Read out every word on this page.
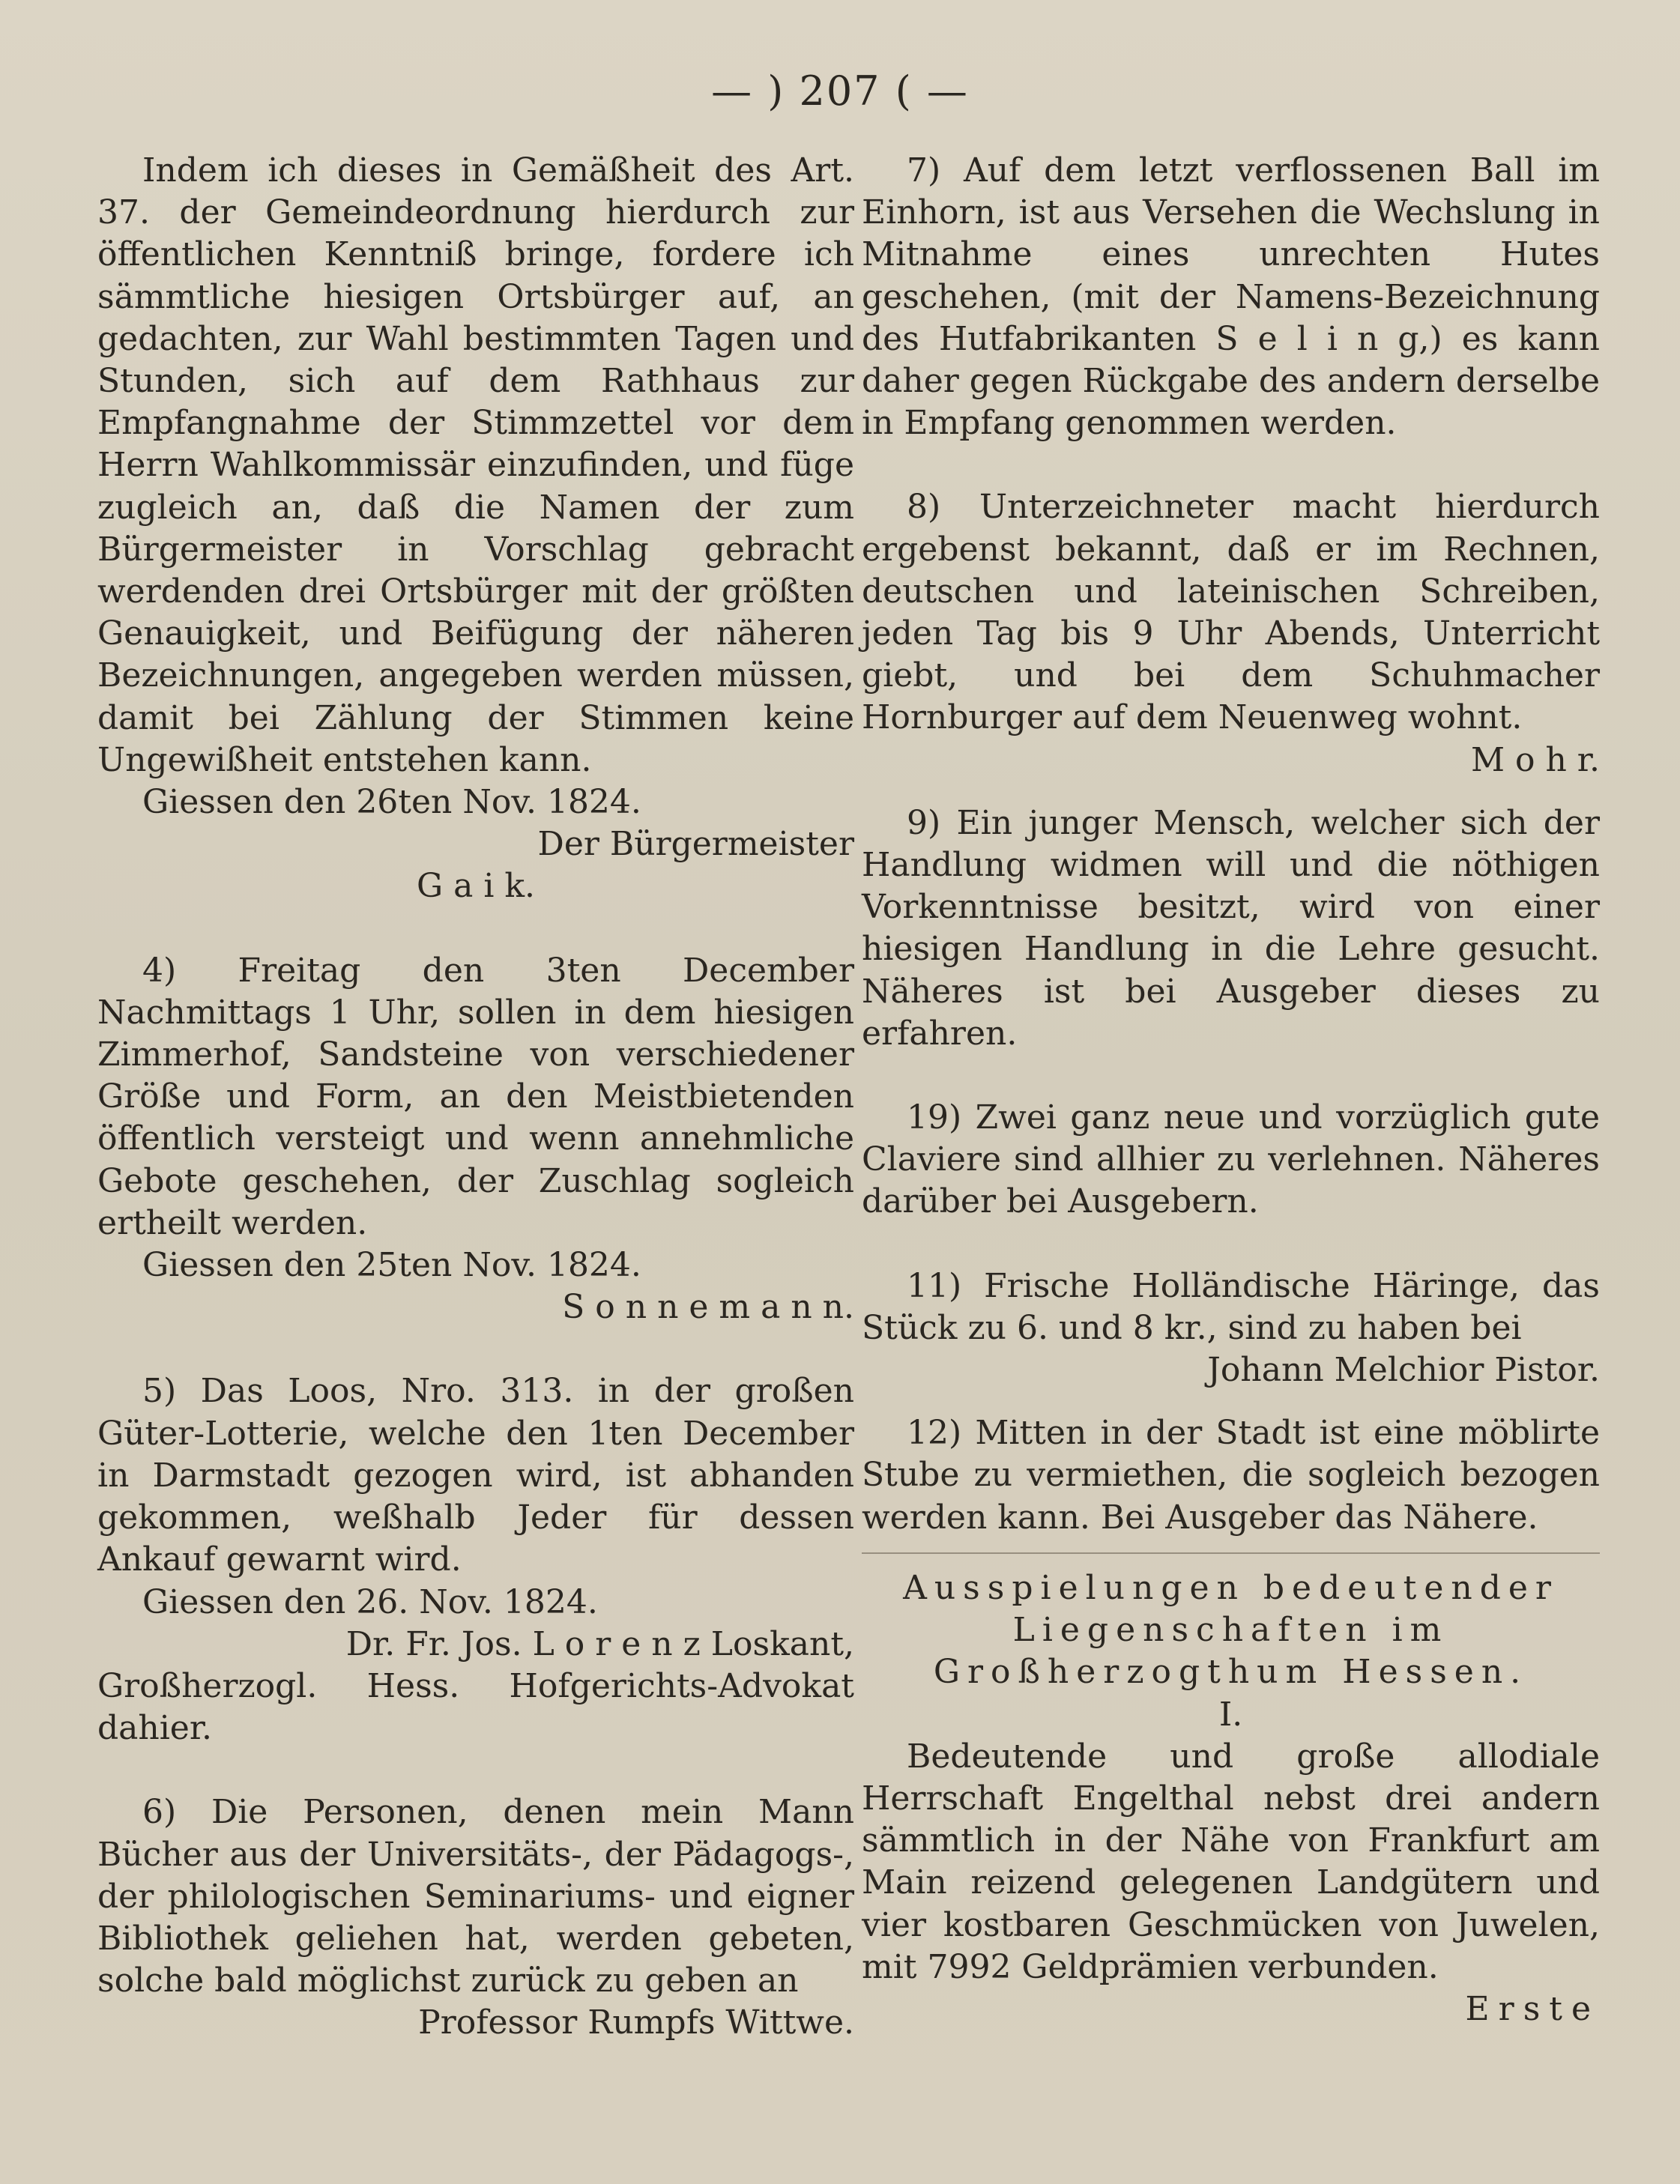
— ) 207 ( —

Indem ich dieses in Gemäßheit des Art. 37. der Gemeindeordnung hierdurch zur öffentlichen Kenntniß bringe, fordere ich sämmtliche hiesigen Ortsbürger auf, an gedachten, zur Wahl bestimmten Tagen und Stunden, sich auf dem Rathhaus zur Empfangnahme der Stimmzettel vor dem Herrn Wahlkommissär einzufinden, und füge zugleich an, daß die Namen der zum Bürgermeister in Vorschlag gebracht werdenden drei Ortsbürger mit der größten Genauigkeit, und Beifügung der näheren Bezeichnungen, angegeben werden müssen, damit bei Zählung der Stimmen keine Ungewißheit entstehen kann.

Giessen den 26ten Nov. 1824.

Der Bürgermeister

G a i k.

4) Freitag den 3ten December Nachmittags 1 Uhr, sollen in dem hiesigen Zimmerhof, Sandsteine von verschiedener Größe und Form, an den Meistbietenden öffentlich versteigt und wenn annehmliche Gebote geschehen, der Zuschlag sogleich ertheilt werden.

Giessen den 25ten Nov. 1824.

S o n n e m a n n.

5) Das Loos, Nro. 313. in der großen Güter-Lotterie, welche den 1ten December in Darmstadt gezogen wird, ist abhanden gekommen, weßhalb Jeder für dessen Ankauf gewarnt wird.

Giessen den 26. Nov. 1824.

Dr. Fr. Jos. L o r e n z Loskant,

Großherzogl. Hess. Hofgerichts-Advokat dahier.

6) Die Personen, denen mein Mann Bücher aus der Universitäts-, der Pädagogs-, der philologischen Seminariums- und eigner Bibliothek geliehen hat, werden gebeten, solche bald möglichst zurück zu geben an

Professor Rumpfs Wittwe.

7) Auf dem letzt verflossenen Ball im Einhorn, ist aus Versehen die Wechslung in Mitnahme eines unrechten Hutes geschehen, (mit der Namens-Bezeichnung des Hutfabrikanten S e l i n g,) es kann daher gegen Rückgabe des andern derselbe in Empfang genommen werden.

8) Unterzeichneter macht hierdurch ergebenst bekannt, daß er im Rechnen, deutschen und lateinischen Schreiben, jeden Tag bis 9 Uhr Abends, Unterricht giebt, und bei dem Schuhmacher Hornburger auf dem Neuenweg wohnt.

M o h r.

9) Ein junger Mensch, welcher sich der Handlung widmen will und die nöthigen Vorkenntnisse besitzt, wird von einer hiesigen Handlung in die Lehre gesucht. Näheres ist bei Ausgeber dieses zu erfahren.

19) Zwei ganz neue und vorzüglich gute Claviere sind allhier zu verlehnen. Näheres darüber bei Ausgebern.

11) Frische Holländische Häringe, das Stück zu 6. und 8 kr., sind zu haben bei

Johann Melchior Pistor.

12) Mitten in der Stadt ist eine möblirte Stube zu vermiethen, die sogleich bezogen werden kann. Bei Ausgeber das Nähere.

Ausspielungen bedeutender Liegenschaften im Großherzogthum Hessen.

I.

Bedeutende und große allodiale Herrschaft Engelthal nebst drei andern sämmtlich in der Nähe von Frankfurt am Main reizend gelegenen Landgütern und vier kostbaren Geschmücken von Juwelen, mit 7992 Geldprämien verbunden.

Erste
